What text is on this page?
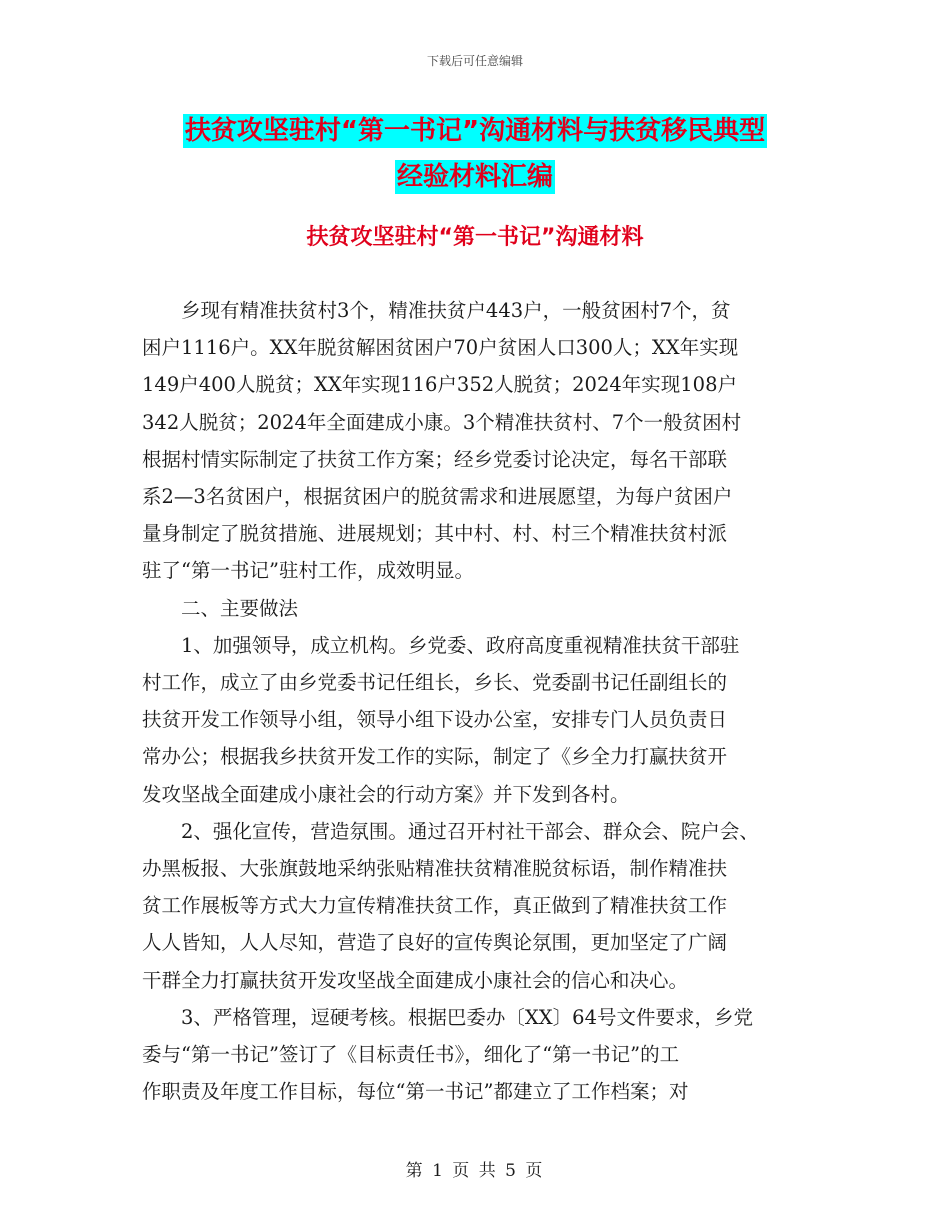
下载后可任意编辑
扶贫攻坚驻村“第一书记”沟通材料与扶贫移民典型
经验材料汇编
扶贫攻坚驻村“第一书记”沟通材料

　　乡现有精准扶贫村3个，精准扶贫户443户，一般贫困村7个，贫

困户1116户。XX年脱贫解困贫困户70户贫困人口300人；XX年实现

149户400人脱贫；XX年实现116户352人脱贫；2024年实现108户

342人脱贫；2024年全面建成小康。3个精准扶贫村、7个一般贫困村

根据村情实际制定了扶贫工作方案；经乡党委讨论决定，每名干部联

系2—3名贫困户，根据贫困户的脱贫需求和进展愿望，为每户贫困户

量身制定了脱贫措施、进展规划；其中村、村、村三个精准扶贫村派

驻了“第一书记”驻村工作，成效明显。

　　二、主要做法

　　1、加强领导，成立机构。乡党委、政府高度重视精准扶贫干部驻

村工作，成立了由乡党委书记任组长，乡长、党委副书记任副组长的

扶贫开发工作领导小组，领导小组下设办公室，安排专门人员负责日

常办公；根据我乡扶贫开发工作的实际，制定了《乡全力打赢扶贫开

发攻坚战全面建成小康社会的行动方案》并下发到各村。

　　2、强化宣传，营造氛围。通过召开村社干部会、群众会、院户会、

办黑板报、大张旗鼓地采纳张贴精准扶贫精准脱贫标语，制作精准扶

贫工作展板等方式大力宣传精准扶贫工作，真正做到了精准扶贫工作

人人皆知，人人尽知，营造了良好的宣传舆论氛围，更加坚定了广阔

干群全力打赢扶贫开发攻坚战全面建成小康社会的信心和决心。

　　3、严格管理，逗硬考核。根据巴委办〔XX〕64号文件要求，乡党

委与“第一书记”签订了《目标责任书》，细化了“第一书记”的工

作职责及年度工作目标，每位“第一书记”都建立了工作档案；对

第 1 页 共 5 页
